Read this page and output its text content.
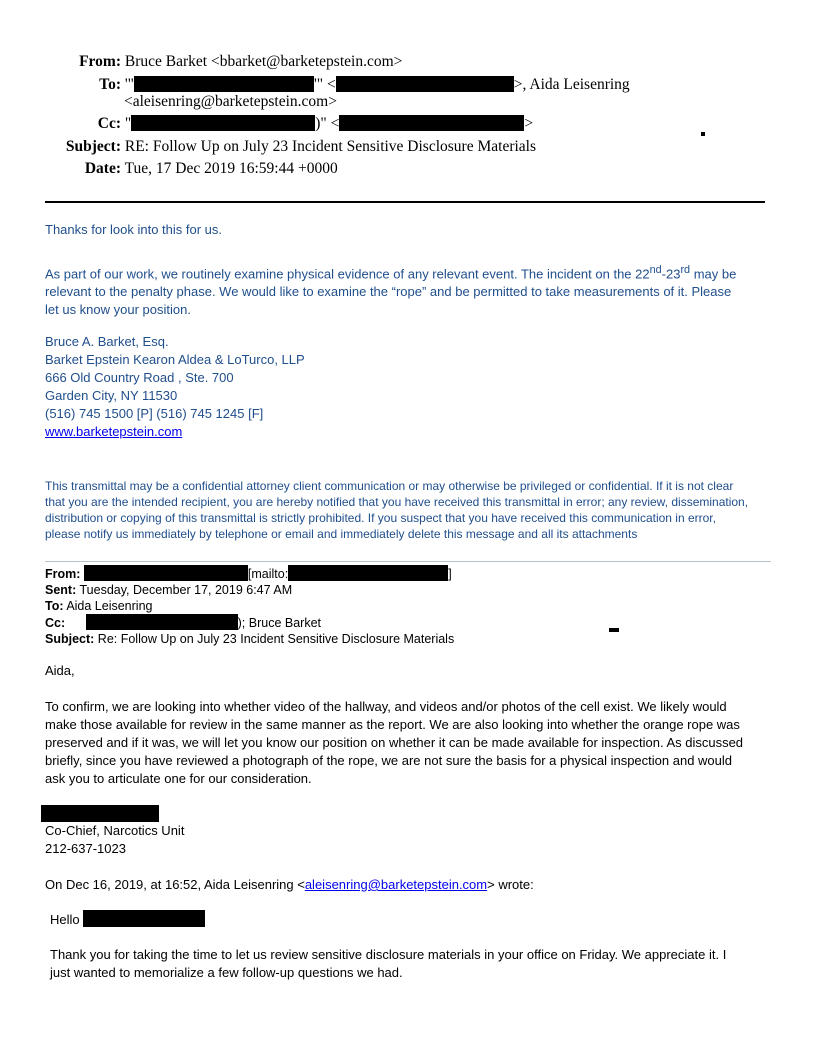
From: Bruce Barket <bbarket@barketepstein.com>
To: '"	'" <	>, Aida Leisenring
<aleisenring@barketepstein.com>
Cc: "	)" <	>
Subject: RE: Follow Up on July 23 Incident Sensitive Disclosure Materials
Date: Tue, 17 Dec 2019 16:59:44 +0000
Thanks for look into this for us.

As part of our work, we routinely examine physical evidence of any relevant event. The incident on the 22nd-23rd may be

relevant to the penalty phase. We would like to examine the “rope” and be permitted to take measurements of it. Please

let us know your position.

Bruce A. Barket, Esq.

Barket Epstein Kearon Aldea & LoTurco, LLP

666 Old Country Road , Ste. 700

Garden City, NY 11530

(516) 745 1500 [P] (516) 745 1245 [F]

www.barketepstein.com

This transmittal may be a confidential attorney client communication or may otherwise be privileged or confidential. If it is not clear

that you are the intended recipient, you are hereby notified that you have received this transmittal in error; any review, dissemination,

distribution or copying of this transmittal is strictly prohibited. If you suspect that you have received this communication in error,

please notify us immediately by telephone or email and immediately delete this message and all its attachments

From:	[mailto:	]

Sent: Tuesday, December 17, 2019 6:47 AM

To: Aida Leisenring

Cc:	); Bruce Barket

Subject: Re: Follow Up on July 23 Incident Sensitive Disclosure Materials

Aida,

To confirm, we are looking into whether video of the hallway, and videos and/or photos of the cell exist. We likely would

make those available for review in the same manner as the report. We are also looking into whether the orange rope was

preserved and if it was, we will let you know our position on whether it can be made available for inspection. As discussed

briefly, since you have reviewed a photograph of the rope, we are not sure the basis for a physical inspection and would

ask you to articulate one for our consideration.

Co-Chief, Narcotics Unit

212-637-1023

On Dec 16, 2019, at 16:52, Aida Leisenring <aleisenring@barketepstein.com> wrote:
Hello

Thank you for taking the time to let us review sensitive disclosure materials in your office on Friday. We appreciate it. I

just wanted to memorialize a few follow-up questions we had.
